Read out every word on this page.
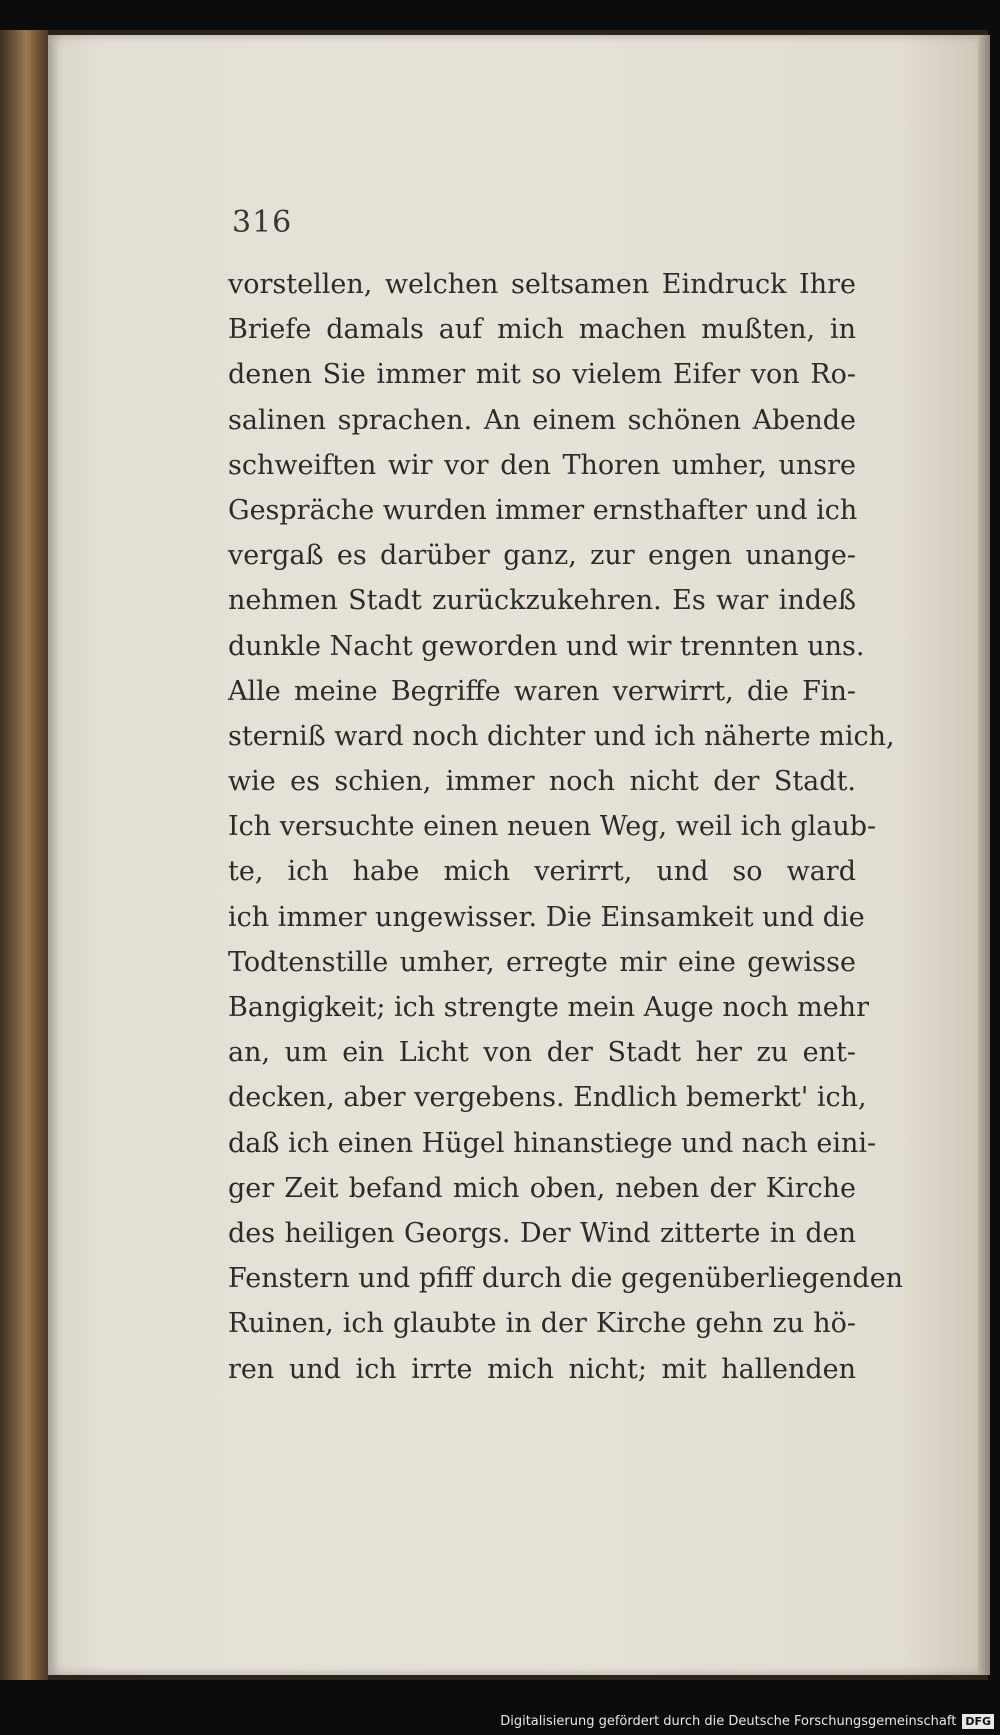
316
vorstellen, welchen seltsamen Eindruck Ihre
Briefe damals auf mich machen mußten, in
denen Sie immer mit so vielem Eifer von Ro-
salinen sprachen. An einem schönen Abende
schweiften wir vor den Thoren umher, unsre
Gespräche wurden immer ernsthafter und ich
vergaß es darüber ganz, zur engen unange-
nehmen Stadt zurückzukehren. Es war indeß
dunkle Nacht geworden und wir trennten uns.
Alle meine Begriffe waren verwirrt, die Fin-
sterniß ward noch dichter und ich näherte mich,
wie es schien, immer noch nicht der Stadt.
Ich versuchte einen neuen Weg, weil ich glaub-
te, ich habe mich verirrt, und so ward
ich immer ungewisser. Die Einsamkeit und die
Todtenstille umher, erregte mir eine gewisse
Bangigkeit; ich strengte mein Auge noch mehr
an, um ein Licht von der Stadt her zu ent-
decken, aber vergebens. Endlich bemerkt' ich,
daß ich einen Hügel hinanstiege und nach eini-
ger Zeit befand mich oben, neben der Kirche
des heiligen Georgs. Der Wind zitterte in den
Fenstern und pfiff durch die gegenüberliegenden
Ruinen, ich glaubte in der Kirche gehn zu hö-
ren und ich irrte mich nicht; mit hallenden
Digitalisierung gefördert durch die Deutsche Forschungsgemeinschaft DFG
